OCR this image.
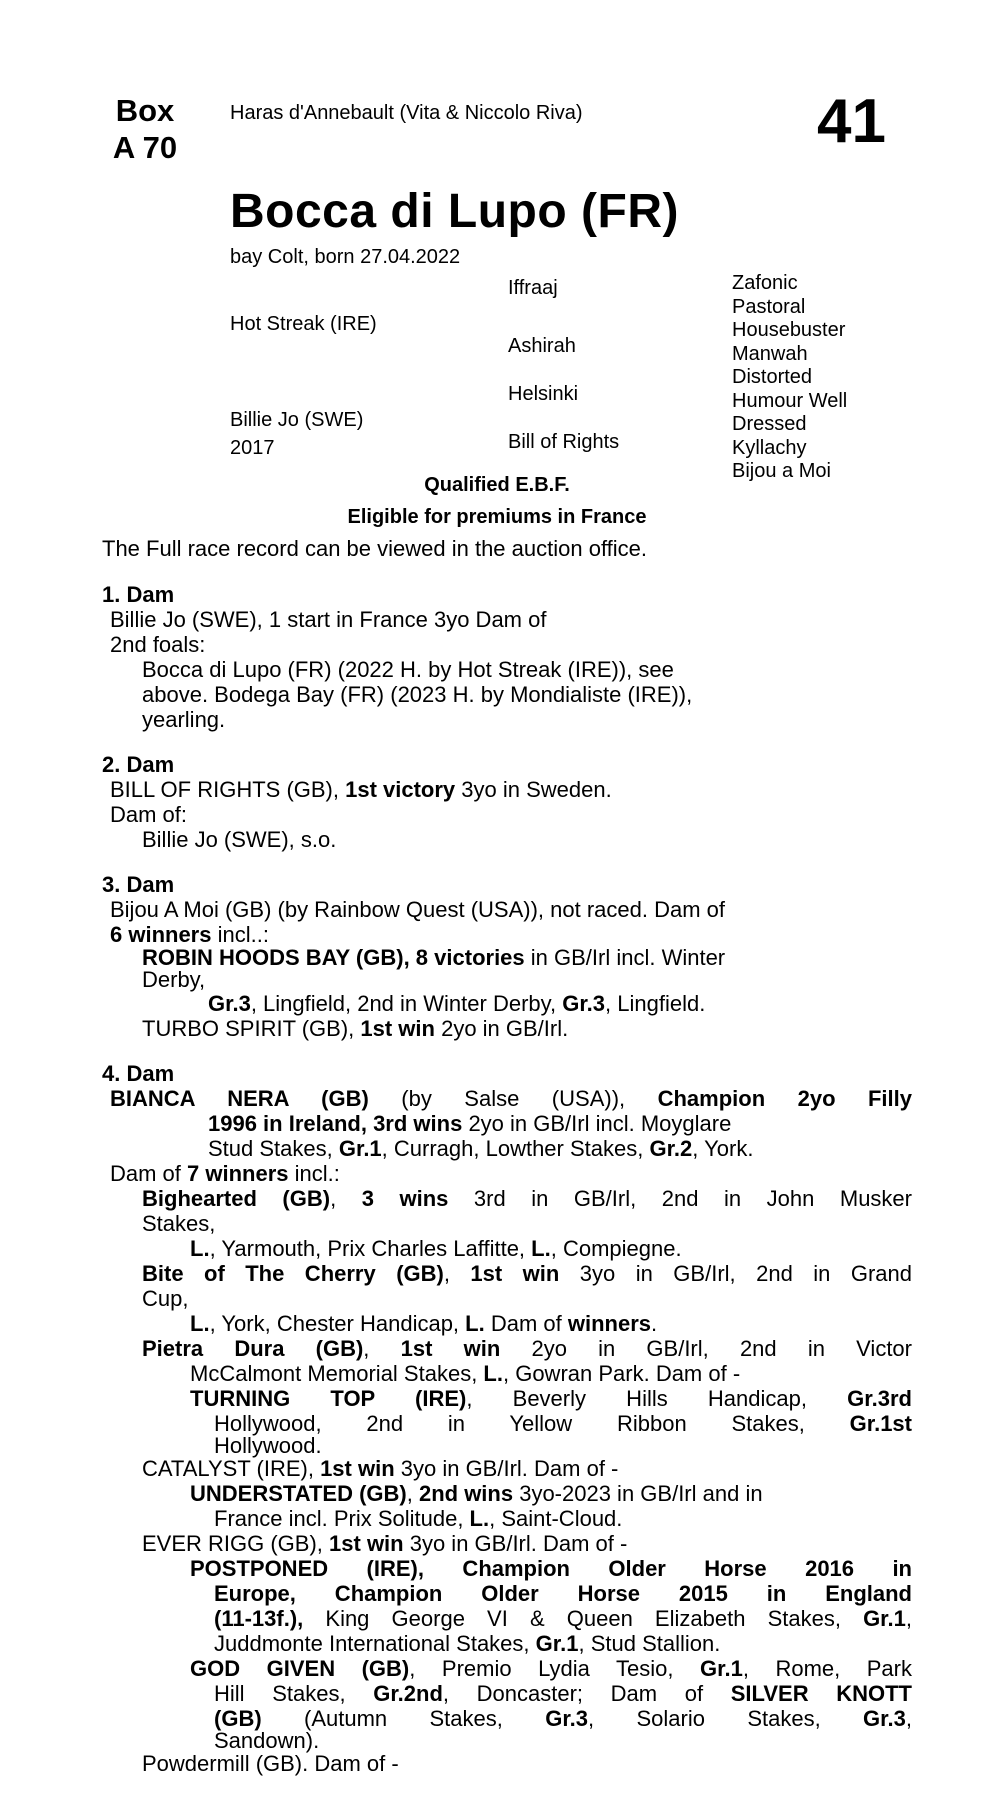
Box
A 70
Haras d'Annebault (Vita & Niccolo Riva)	41
Bocca di Lupo (FR)
bay Colt, born 27.04.2022
Hot Streak (IRE)
Billie Jo (SWE)
2017
Iffraaj
Ashirah
Helsinki
Bill of Rights
Zafonic
Pastoral
Housebuster
Manwah
Distorted
Humour Well
Dressed
Kyllachy
Bijou a Moi
Qualified E.B.F.
Eligible for premiums in France
The Full race record can be viewed in the auction office.
1. Dam
Billie Jo (SWE), 1 start in France 3yo Dam of
2nd foals:
Bocca di Lupo (FR) (2022 H. by Hot Streak (IRE)), see
above. Bodega Bay (FR) (2023 H. by Mondialiste (IRE)),
yearling.
2. Dam
BILL OF RIGHTS (GB), 1st victory 3yo in Sweden.
Dam of:
Billie Jo (SWE), s.o.
3. Dam
Bijou A Moi (GB) (by Rainbow Quest (USA)), not raced. Dam of
6 winners incl..:
ROBIN HOODS BAY (GB), 8 victories in GB/Irl incl. Winter
Derby,
Gr.3, Lingfield, 2nd in Winter Derby, Gr.3, Lingfield.
TURBO SPIRIT (GB), 1st win 2yo in GB/Irl.
4. Dam
BIANCA NERA (GB) (by Salse (USA)), Champion 2yo Filly
1996 in Ireland, 3rd wins 2yo in GB/Irl incl. Moyglare
Stud Stakes, Gr.1, Curragh, Lowther Stakes, Gr.2, York.
Dam of 7 winners incl.:
Bighearted (GB), 3 wins 3rd in GB/Irl, 2nd in John Musker
Stakes,
L., Yarmouth, Prix Charles Laffitte, L., Compiegne.
Bite of The Cherry (GB), 1st win 3yo in GB/Irl, 2nd in Grand
Cup,
L., York, Chester Handicap, L. Dam of winners.
Pietra Dura (GB), 1st win 2yo in GB/Irl, 2nd in Victor
McCalmont Memorial Stakes, L., Gowran Park. Dam of -
TURNING TOP (IRE), Beverly Hills Handicap, Gr.3rd
Hollywood, 2nd in Yellow Ribbon Stakes, Gr.1st
Hollywood.
CATALYST (IRE), 1st win 3yo in GB/Irl. Dam of -
UNDERSTATED (GB), 2nd wins 3yo-2023 in GB/Irl and in
France incl. Prix Solitude, L., Saint-Cloud.
EVER RIGG (GB), 1st win 3yo in GB/Irl. Dam of -
POSTPONED (IRE), Champion Older Horse 2016 in
Europe, Champion Older Horse 2015 in England
(11-13f.), King George VI & Queen Elizabeth Stakes, Gr.1,
Juddmonte International Stakes, Gr.1, Stud Stallion.
GOD GIVEN (GB), Premio Lydia Tesio, Gr.1, Rome, Park
Hill Stakes, Gr.2nd, Doncaster; Dam of SILVER KNOTT
(GB) (Autumn Stakes, Gr.3, Solario Stakes, Gr.3,
Sandown).
Powdermill (GB). Dam of -
